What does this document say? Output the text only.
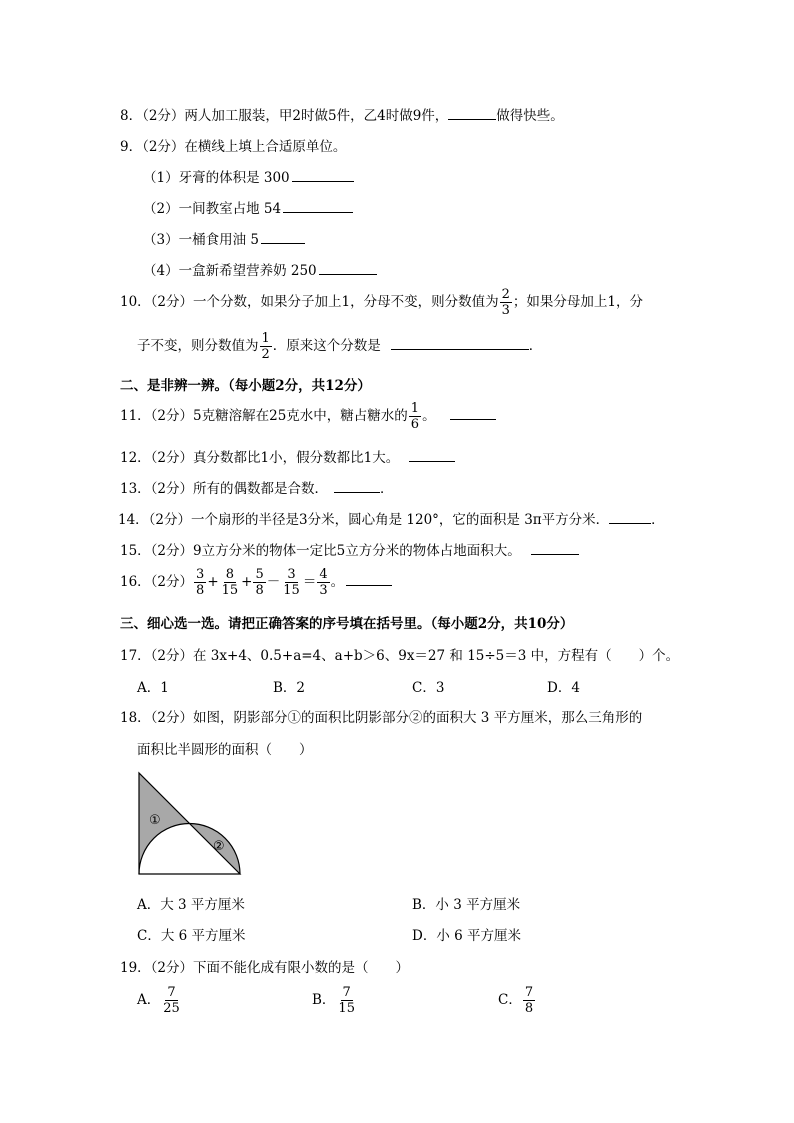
8．（2分）两人加工服装，甲2时做5件，乙4时做9件，	做得快些。
9．（2分）在横线上填上合适原单位。
（1）牙膏的体积是 300
（2）一间教室占地 54
（3）一桶食用油 5
（4）一盒新希望营养奶 250
10．（2分）一个分数，如果分子加上1，分母不变，则分数值为 $\frac{2}{3}$ ；如果分母加上1，分
子不变，则分数值为 $\frac{1}{2}$ ．原来这个分数是	．
二、是非辨一辨。（每小题2分，共12分）
11．（2分）5克糖溶解在25克水中，糖占糖水的 $\frac{1}{6}$ 。
12．（2分）真分数都比1小，假分数都比1大。
13．（2分）所有的偶数都是合数．	．
14．（2分）一个扇形的半径是3分米，圆心角是 120°，它的面积是 3π平方分米．	．
15．（2分）9立方分米的物体一定比5立方分米的物体占地面积大。
16．（2分） $\frac{3}{8} + \frac{8}{15} + \frac{5}{8} - \frac{3}{15} = \frac{4}{3}$ 。
三、细心选一选。请把正确答案的序号填在括号里。（每小题2分，共10分）
17．（2分）在 3x+4、0.5+a=4、a+b＞6、9x＝27 和 15÷5＝3 中，方程有（　　）个。
A．1	B．2	C．3	D．4
18．（2分）如图，阴影部分①的面积比阴影部分②的面积大 3 平方厘米，那么三角形的
面积比半圆形的面积（　　）
①
②
A．大 3 平方厘米	B．小 3 平方厘米
C．大 6 平方厘米	D．小 6 平方厘米
19．（2分）下面不能化成有限小数的是（　　）
A． $\frac{7}{25}$	B． $\frac{7}{15}$	C． $\frac{7}{8}$
